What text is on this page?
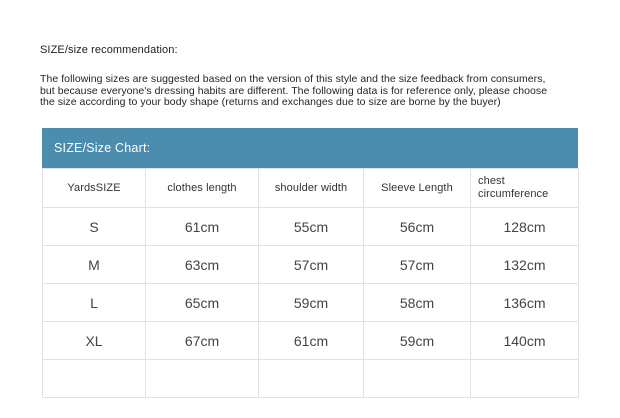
SIZE/size recommendation:
The following sizes are suggested based on the version of this style and the size feedback from consumers,
but because everyone's dressing habits are different. The following data is for reference only, please choose
the size according to your body shape (returns and exchanges due to size are borne by the buyer)
SIZE/Size Chart:
YardsSIZE	clothes length	shoulder width	Sleeve Length	chest circumference
S	61cm	55cm	56cm	128cm
M	63cm	57cm	57cm	132cm
L	65cm	59cm	58cm	136cm
XL	67cm	61cm	59cm	140cm
